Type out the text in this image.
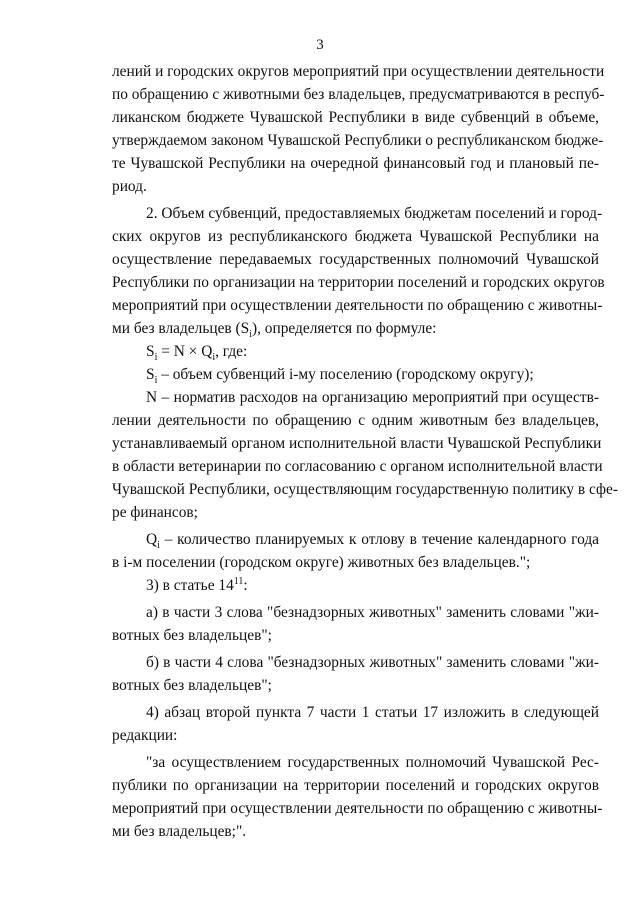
3
лений и городских округов мероприятий при осуществлении деятельности
по обращению с животными без владельцев, предусматриваются в респуб-
ликанском бюджете Чувашской Республики в виде субвенций в объеме,
утверждаемом законом Чувашской Республики о республиканском бюдже-
те Чувашской Республики на очередной финансовый год и плановый пе-
риод.
2. Объем субвенций, предоставляемых бюджетам поселений и город-
ских округов из республиканского бюджета Чувашской Республики на
осуществление передаваемых государственных полномочий Чувашской
Республики по организации на территории поселений и городских округов
мероприятий при осуществлении деятельности по обращению с животны-
ми без владельцев $(S_i)$, определяется по формуле:
$S_i = N \times Q_i$, где:
$S_i$ – объем субвенций i-му поселению (городскому округу);
N – норматив расходов на организацию мероприятий при осуществ-
лении деятельности по обращению с одним животным без владельцев,
устанавливаемый органом исполнительной власти Чувашской Республики
в области ветеринарии по согласованию с органом исполнительной власти
Чувашской Республики, осуществляющим государственную политику в сфе-
ре финансов;
$Q_i$ – количество планируемых к отлову в течение календарного года
в i-м поселении (городском округе) животных без владельцев.";
3) в статье $14^{11}$:
а) в части 3 слова "безнадзорных животных" заменить словами "жи-
вотных без владельцев";
б) в части 4 слова "безнадзорных животных" заменить словами "жи-
вотных без владельцев";
4) абзац второй пункта 7 части 1 статьи 17 изложить в следующей
редакции:
"за осуществлением государственных полномочий Чувашской Рес-
публики по организации на территории поселений и городских округов
мероприятий при осуществлении деятельности по обращению с животны-
ми без владельцев;".
